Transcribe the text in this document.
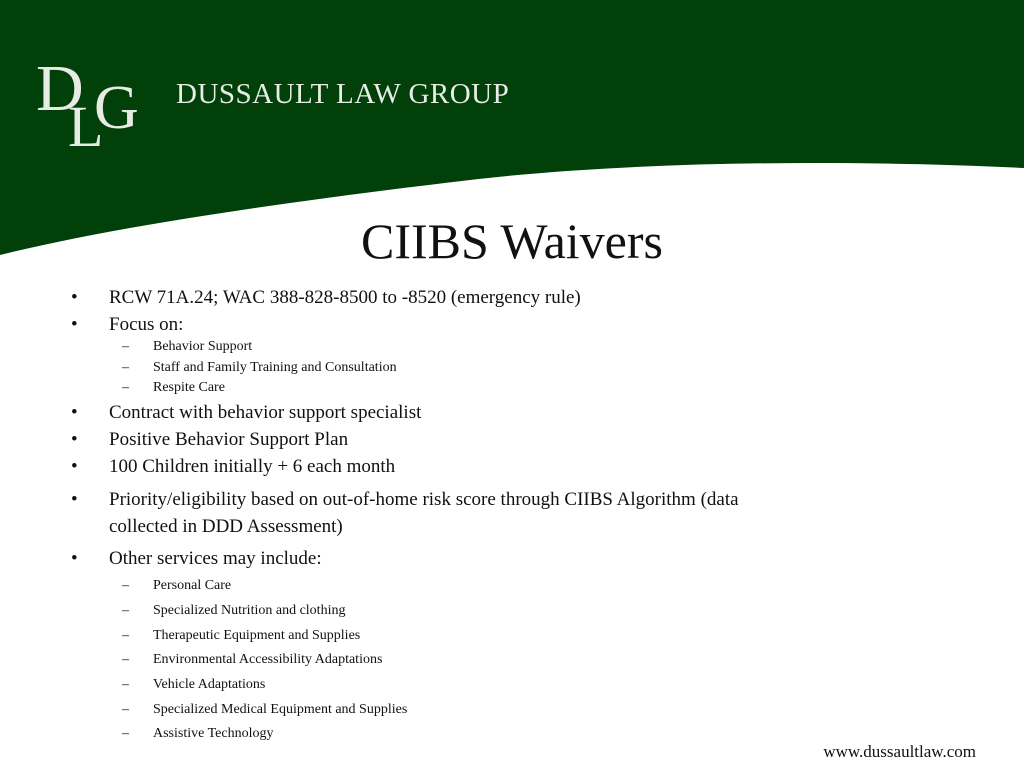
D
L
G DUSSAULT LAW GROUP
CIIBS Waivers
• RCW 71A.24; WAC 388-828-8500 to -8520 (emergency rule)
• Focus on:
– Behavior Support
– Staff and Family Training and Consultation
– Respite Care
• Contract with behavior support specialist
• Positive Behavior Support Plan
• 100 Children initially + 6 each month
• Priority/eligibility based on out-of-home risk score through CIIBS Algorithm (data
collected in DDD Assessment)
• Other services may include:
– Personal Care
– Specialized Nutrition and clothing
– Therapeutic Equipment and Supplies
– Environmental Accessibility Adaptations
– Vehicle Adaptations
– Specialized Medical Equipment and Supplies
– Assistive Technology
www.dussaultlaw.com
